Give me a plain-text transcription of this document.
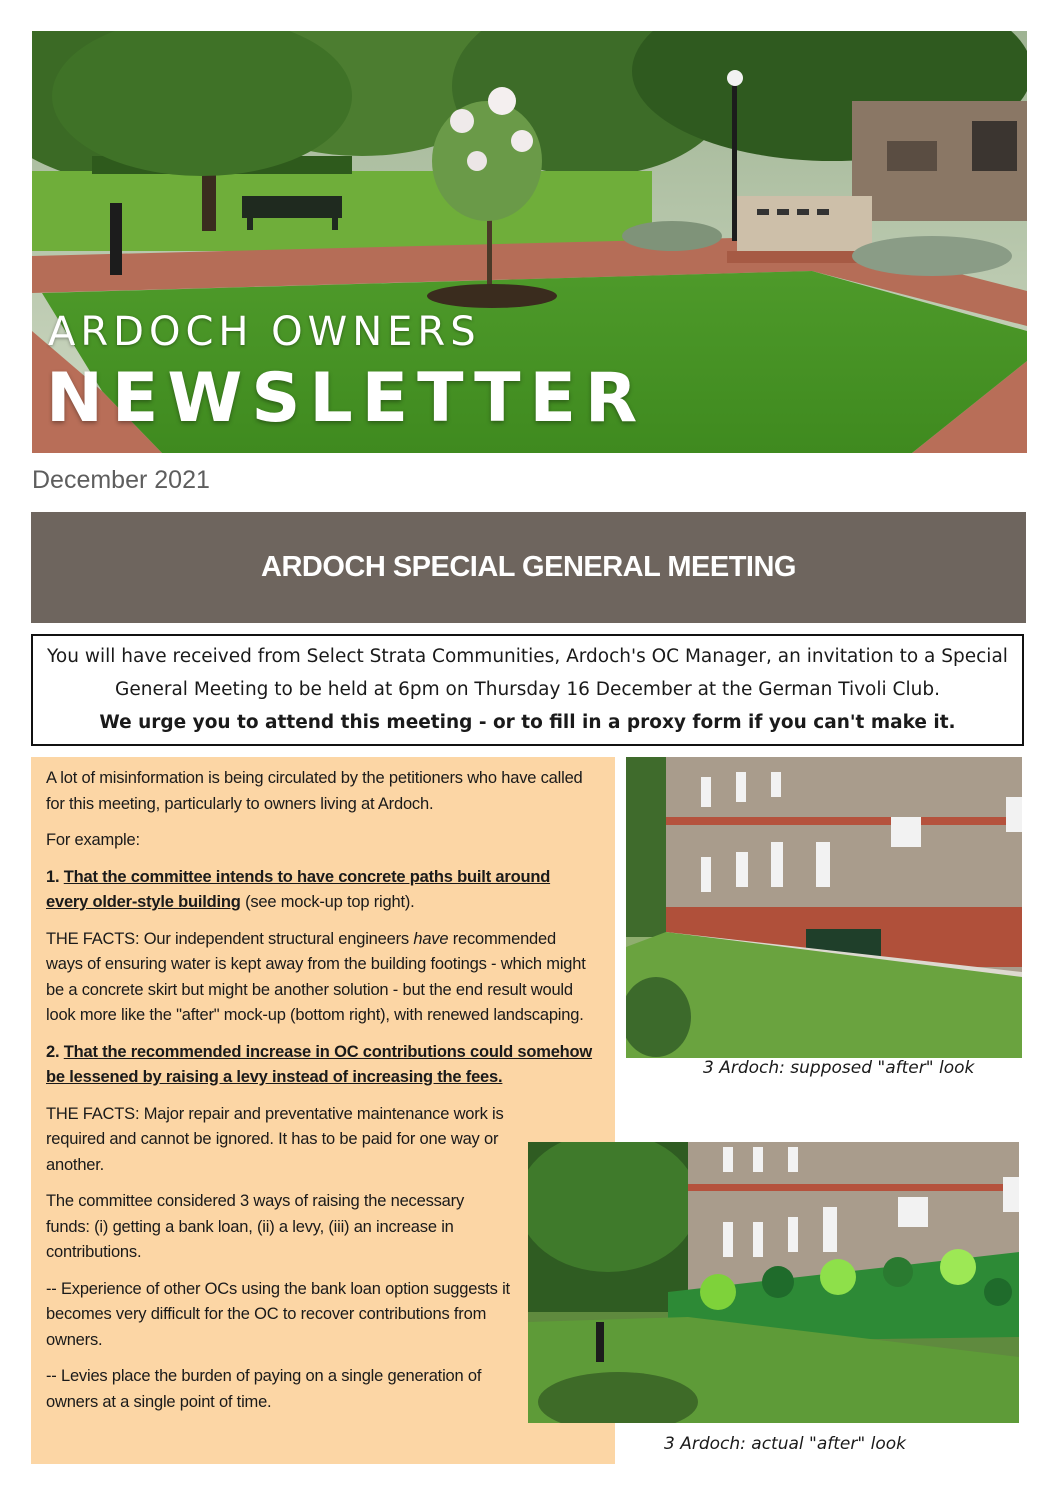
ARDOCH OWNERS
NEWSLETTER
December 2021
ARDOCH SPECIAL GENERAL MEETING

You will have received from Select Strata Communities, Ardoch's OC Manager, an invitation to a Special General Meeting to be held at 6pm on Thursday 16 December at the German Tivoli Club.

We urge you to attend this meeting - or to fill in a proxy form if you can't make it.

A lot of misinformation is being circulated by the petitioners who have called for this meeting, particularly to owners living at Ardoch.

For example:

1. That the committee intends to have concrete paths built around every older-style building (see mock-up top right).

THE FACTS: Our independent structural engineers have recommended ways of ensuring water is kept away from the building footings - which might be a concrete skirt but might be another solution - but the end result would look more like the "after" mock-up (bottom right), with renewed landscaping.

2. That the recommended increase in OC contributions could somehow be lessened by raising a levy instead of increasing the fees.

THE FACTS: Major repair and preventative maintenance work is required and cannot be ignored. It has to be paid for one way or another.

The committee considered 3 ways of raising the necessary funds: (i) getting a bank loan, (ii) a levy, (iii) an increase in contributions.

-- Experience of other OCs using the bank loan option suggests it becomes very difficult for the OC to recover contributions from owners.

-- Levies place the burden of paying on a single generation of owners at a single point of time.

3 Ardoch: supposed "after" look
3 Ardoch: actual "after" look
